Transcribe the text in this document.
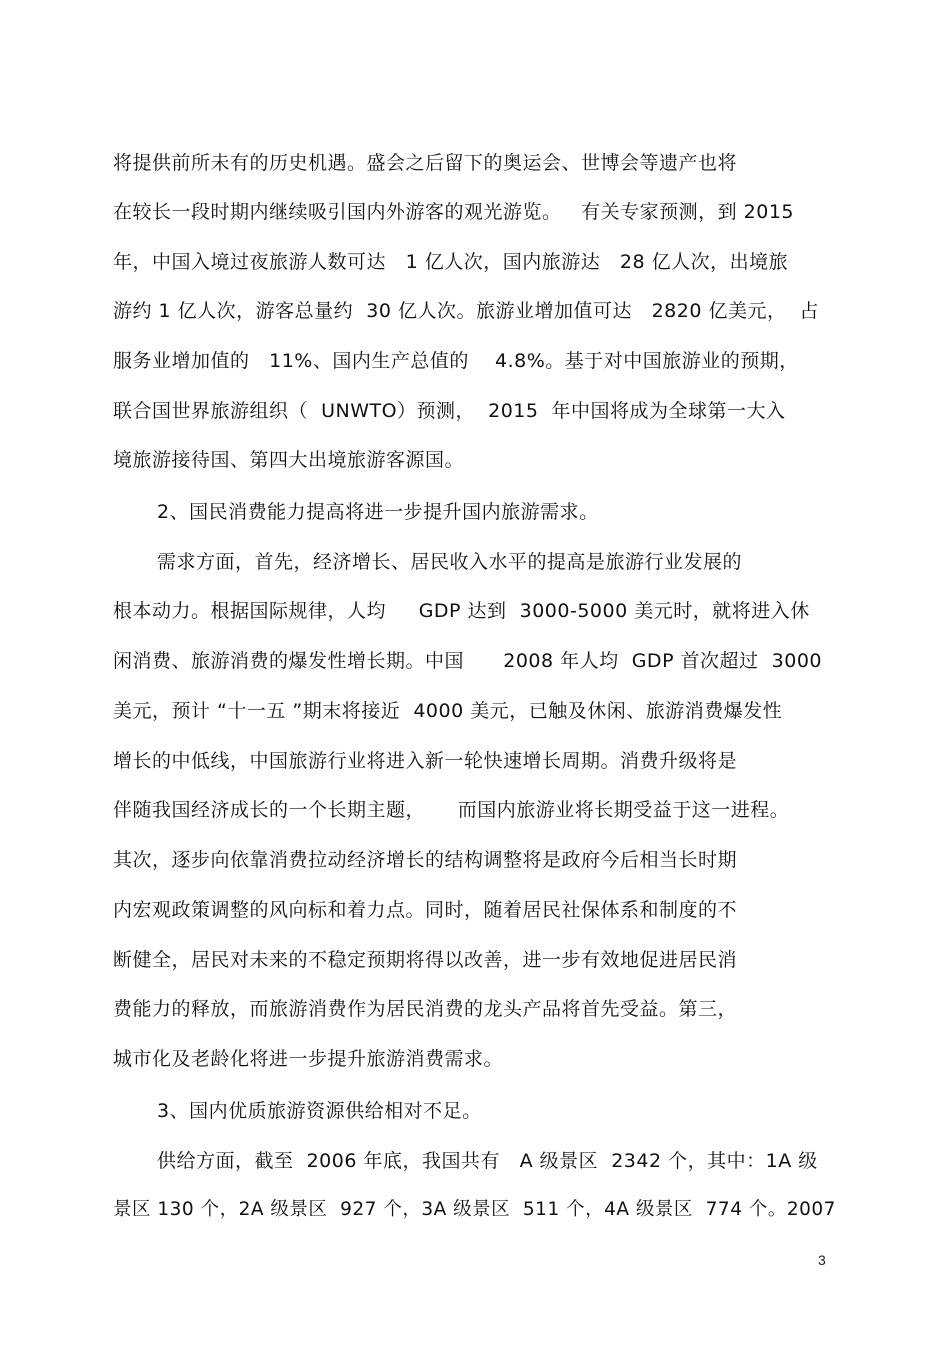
将提供前所未有的历史机遇。盛会之后留下的奥运会、世博会等遗产也将
在较长一段时期内继续吸引国内外游客的观光游览。   有关专家预测，到 2015
年，中国入境过夜旅游人数可达   1 亿人次，国内旅游达   28 亿人次，出境旅
游约 1 亿人次，游客总量约  30 亿人次。旅游业增加值可达   2820 亿美元，  占
服务业增加值的   11%、国内生产总值的    4.8%。基于对中国旅游业的预期，
联合国世界旅游组织（  UNWTO）预测，  2015  年中国将成为全球第一大入
境旅游接待国、第四大出境旅游客源国。
2、国民消费能力提高将进一步提升国内旅游需求。
需求方面，首先，经济增长、居民收入水平的提高是旅游行业发展的
根本动力。根据国际规律，人均     GDP 达到  3000-5000 美元时，就将进入休
闲消费、旅游消费的爆发性增长期。中国      2008 年人均  GDP 首次超过  3000
美元，预计 “十一五 ”期末将接近  4000 美元，已触及休闲、旅游消费爆发性
增长的中低线，中国旅游行业将进入新一轮快速增长周期。消费升级将是
伴随我国经济成长的一个长期主题，     而国内旅游业将长期受益于这一进程。
其次，逐步向依靠消费拉动经济增长的结构调整将是政府今后相当长时期
内宏观政策调整的风向标和着力点。同时，随着居民社保体系和制度的不
断健全，居民对未来的不稳定预期将得以改善，进一步有效地促进居民消
费能力的释放，而旅游消费作为居民消费的龙头产品将首先受益。第三，
城市化及老龄化将进一步提升旅游消费需求。
3、国内优质旅游资源供给相对不足。
供给方面，截至  2006 年底，我国共有   A 级景区  2342 个，其中：1A 级
景区 130 个，2A 级景区  927 个，3A 级景区  511 个，4A 级景区  774 个。2007
3
